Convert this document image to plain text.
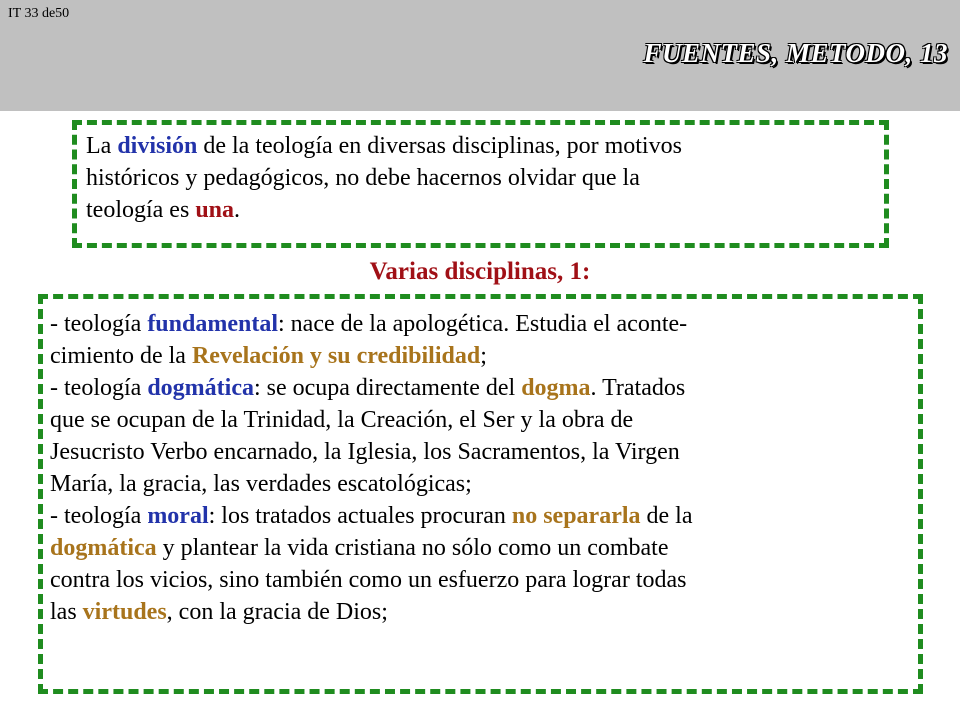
IT 33 de50
FUENTES, METODO, 13
La división de la teología en diversas disciplinas, por motivos
históricos y pedagógicos, no debe hacernos olvidar que la
teología es una.
Varias disciplinas, 1:
- teología fundamental: nace de la apologética. Estudia el aconte-
cimiento de la Revelación y su credibilidad;
- teología dogmática: se ocupa directamente del dogma. Tratados
que se ocupan de la Trinidad, la Creación, el Ser y la obra de
Jesucristo Verbo encarnado, la Iglesia, los Sacramentos, la Virgen
María, la gracia, las verdades escatológicas;
- teología moral: los tratados actuales procuran no separarla de la
dogmática y plantear la vida cristiana no sólo como un combate
contra los vicios, sino también como un esfuerzo para lograr todas
las virtudes, con la gracia de Dios;
